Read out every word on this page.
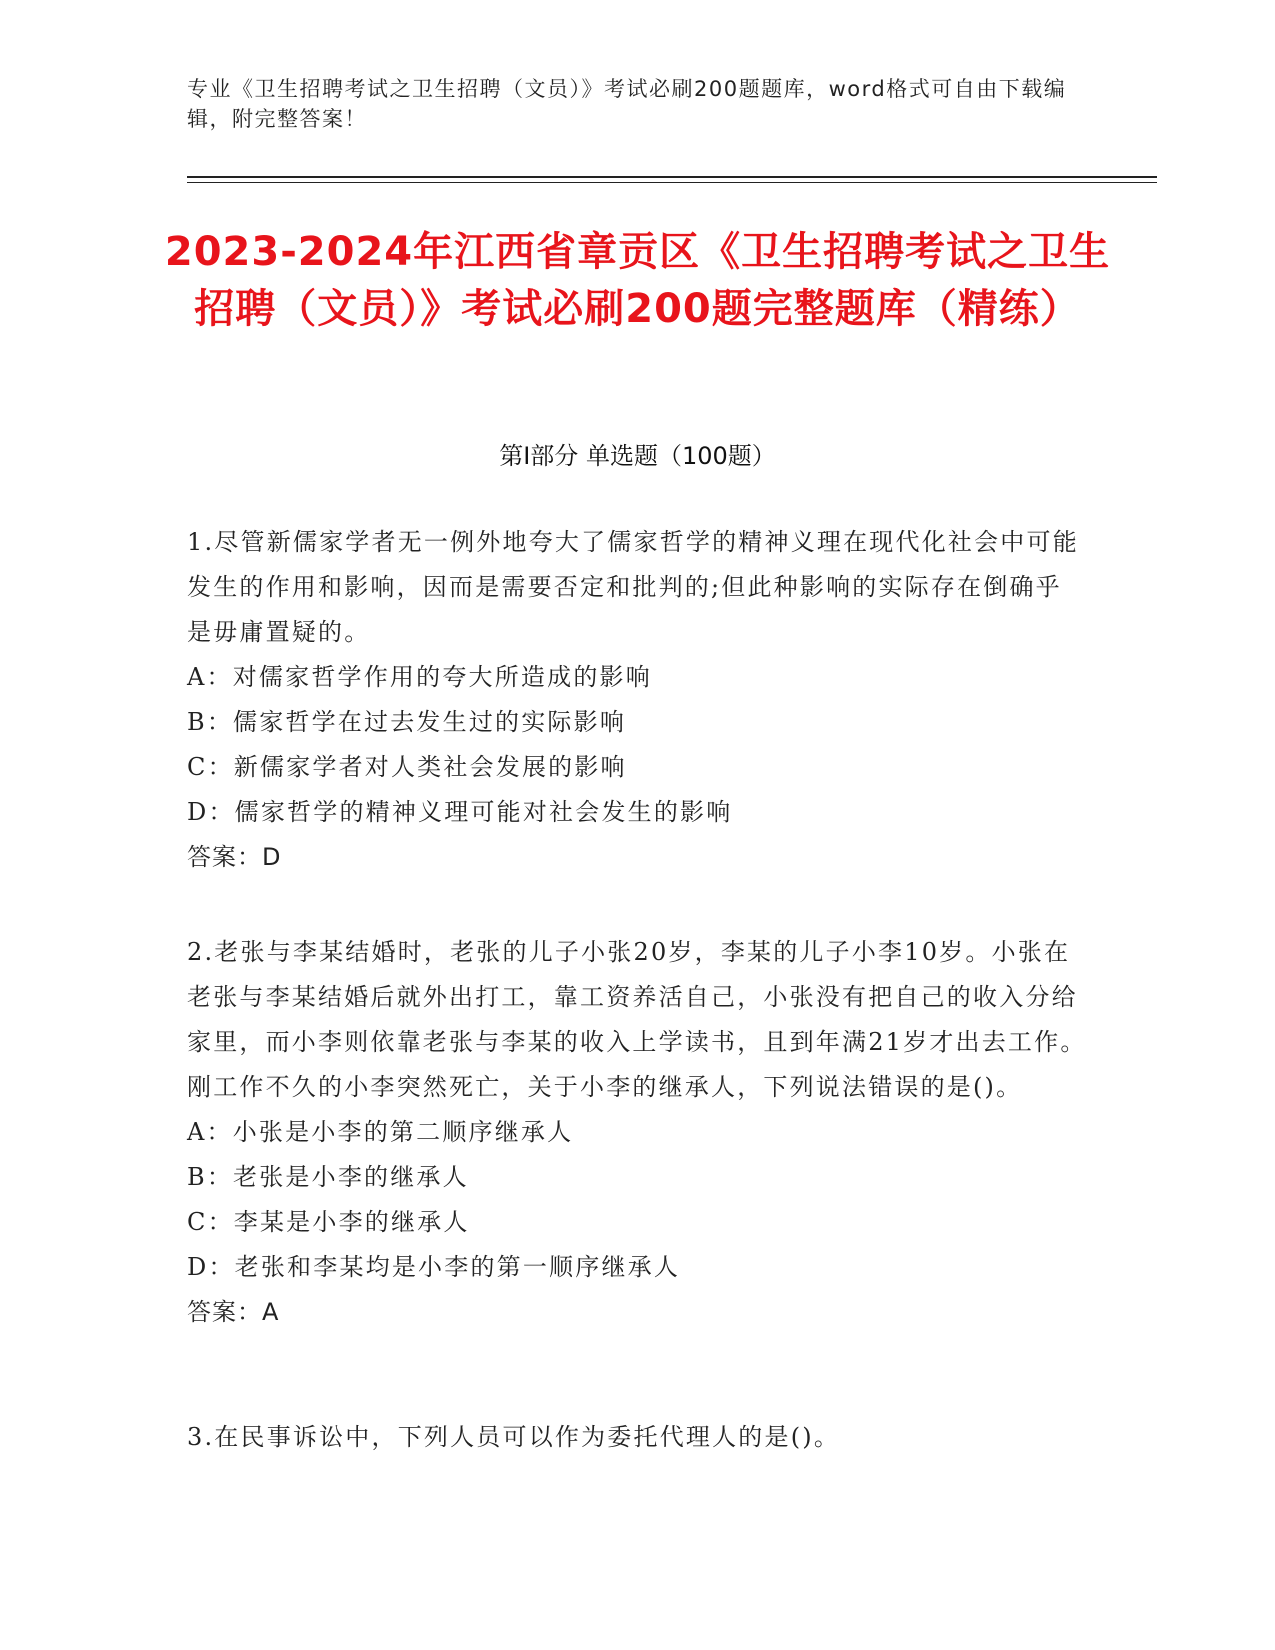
专业《卫生招聘考试之卫生招聘（文员）》考试必刷200题题库，word格式可自由下载编辑，附完整答案！
2023-2024年江西省章贡区《卫生招聘考试之卫生招聘（文员）》考试必刷200题完整题库（精练）
第Ⅰ部分 单选题（100题）

1.尽管新儒家学者无一例外地夸大了儒家哲学的精神义理在现代化社会中可能发生的作用和影响，因而是需要否定和批判的;但此种影响的实际存在倒确乎是毋庸置疑的。

A：对儒家哲学作用的夸大所造成的影响

B：儒家哲学在过去发生过的实际影响

C：新儒家学者对人类社会发展的影响

D：儒家哲学的精神义理可能对社会发生的影响

答案：D

2.老张与李某结婚时，老张的儿子小张20岁，李某的儿子小李10岁。小张在老张与李某结婚后就外出打工，靠工资养活自己，小张没有把自己的收入分给家里，而小李则依靠老张与李某的收入上学读书，且到年满21岁才出去工作。刚工作不久的小李突然死亡，关于小李的继承人，下列说法错误的是()。

A：小张是小李的第二顺序继承人

B：老张是小李的继承人

C：李某是小李的继承人

D：老张和李某均是小李的第一顺序继承人

答案：A

3.在民事诉讼中，下列人员可以作为委托代理人的是()。
